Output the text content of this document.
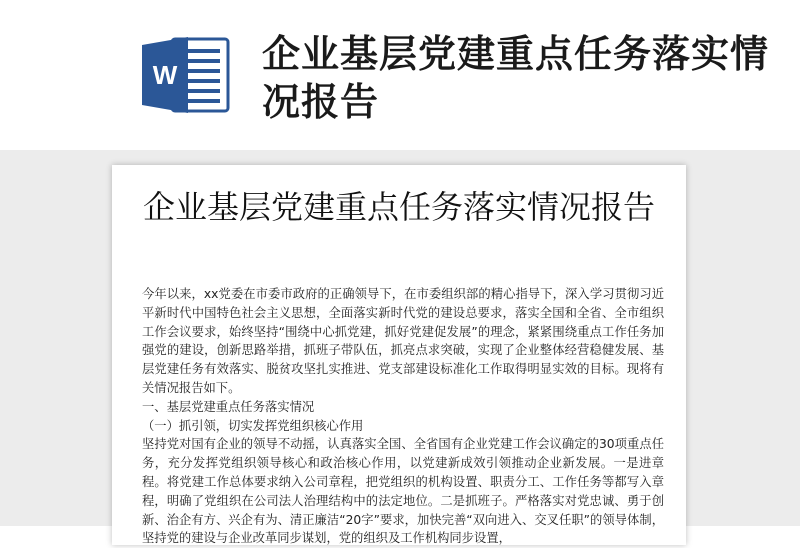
W 企业基层党建重点任务落实情况报告
企业基层党建重点任务落实情况报告

今年以来，xx党委在市委市政府的正确领导下，在市委组织部的精心指导下，深入学习贯彻习近平新时代中国特色社会主义思想，全面落实新时代党的建设总要求，落实全国和全省、全市组织工作会议要求，始终坚持“围绕中心抓党建，抓好党建促发展”的理念，紧紧围绕重点工作任务加强党的建设，创新思路举措，抓班子带队伍，抓亮点求突破，实现了企业整体经营稳健发展、基层党建任务有效落实、脱贫攻坚扎实推进、党支部建设标准化工作取得明显实效的目标。现将有关情况报告如下。

一、基层党建重点任务落实情况

（一）抓引领，切实发挥党组织核心作用

坚持党对国有企业的领导不动摇，认真落实全国、全省国有企业党建工作会议确定的30项重点任务，充分发挥党组织领导核心和政治核心作用，以党建新成效引领推动企业新发展。一是进章程。将党建工作总体要求纳入公司章程，把党组织的机构设置、职责分工、工作任务等都写入章程，明确了党组织在公司法人治理结构中的法定地位。二是抓班子。严格落实对党忠诚、勇于创新、治企有方、兴企有为、清正廉洁“20字”要求，加快完善“双向进入、交叉任职”的领导体制，坚持党的建设与企业改革同步谋划，党的组织及工作机构同步设置，
